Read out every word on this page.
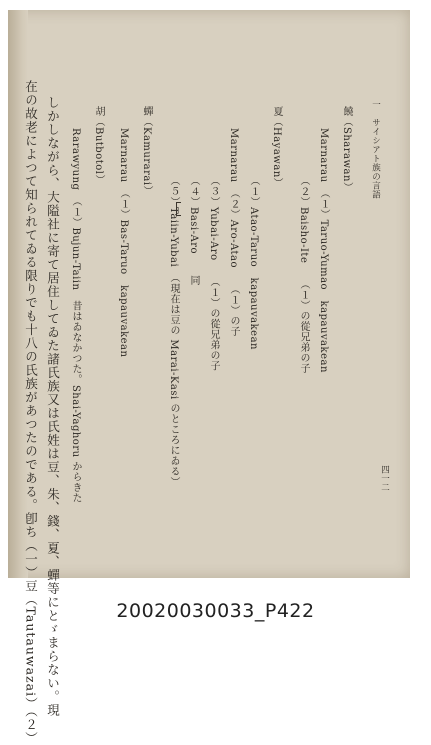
一　サイシアト族の言語
四一二
饒（Sharawan）
Marnarau　（１）Taruo-Yumao　kapauvakean
　　　　　（２）Baisho-Ite　　（１）の從兄弟の子
夏（Hayawan）
　　　　　（１）Atao-Taruo　kapauvakean
Marnarau　（２）Aro-Atao　　（１）の子
　　　　　（３）Yubai-Aro　　（１）の從兄弟の子
　　　　　（４）Basi-Aro　　同
　　　　　（５）Taiin-Yubai　（現在は豆の Marai-Kasi のところにゐる）
蟬（Kamurarai）
Marnarau　（１）Bas-Taruo　kapauvakean
胡（Butbotol）
Rarawyung　（１）Bujun-Taiin　昔はゐなかつた。Shai-Yaghoru からきた
しかしながら、大隘社に寄て居住してゐた諸氏族又は氏姓は豆、朱、錢、夏、蟬等にとゞまらない。現
在の故老によつて知られてゐる限りでも十八の氏族があつたのである。卽ち（一）豆（Tautauwazai）（２）	20020030033_P422
